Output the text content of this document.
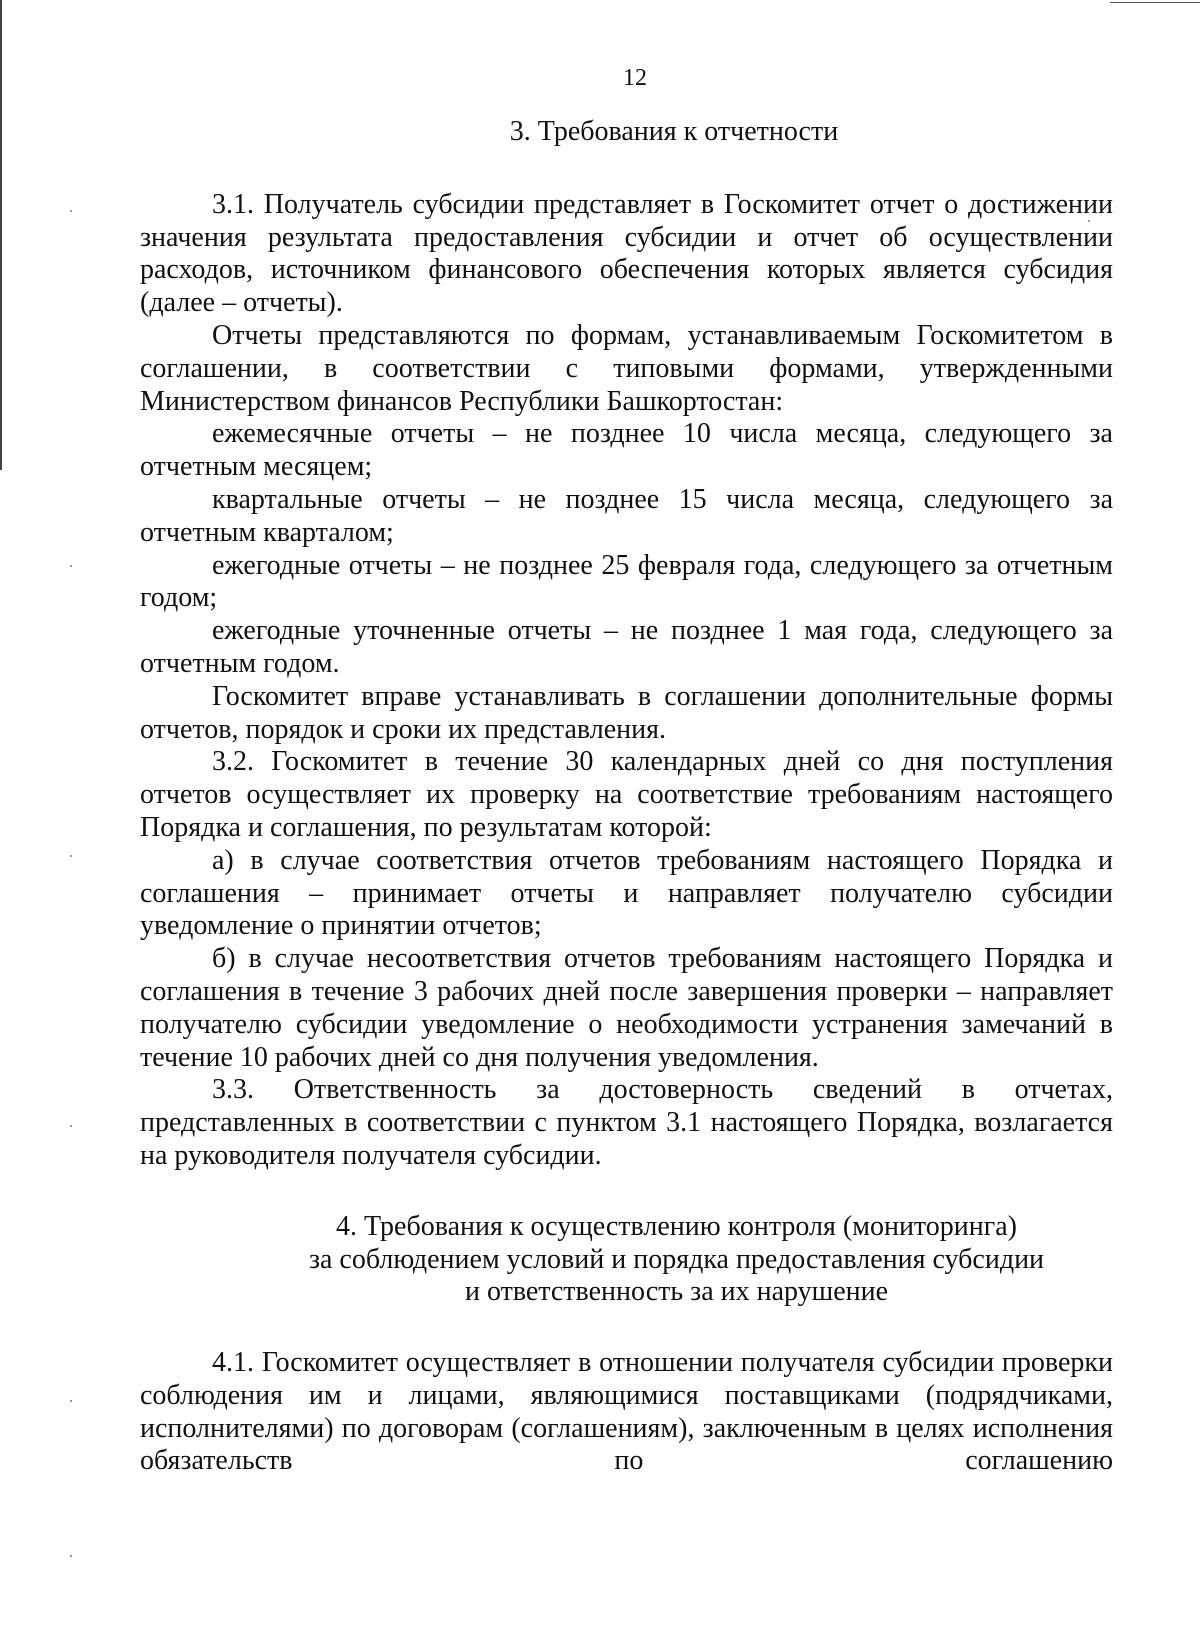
12
3. Требования к отчетности

3.1. Получатель субсидии представляет в Госкомитет отчет о достижении значения результата предоставления субсидии и отчет об осуществлении расходов, источником финансового обеспечения которых является субсидия (далее – отчеты).

Отчеты представляются по формам, устанавливаемым Госкомитетом в соглашении, в соответствии с типовыми формами, утвержденными Министерством финансов Республики Башкортостан:

ежемесячные отчеты – не позднее 10 числа месяца, следующего за отчетным месяцем;

квартальные отчеты – не позднее 15 числа месяца, следующего за отчетным кварталом;

ежегодные отчеты – не позднее 25 февраля года, следующего за отчетным годом;

ежегодные уточненные отчеты – не позднее 1 мая года, следующего за отчетным годом.

Госкомитет вправе устанавливать в соглашении дополнительные формы отчетов, порядок и сроки их представления.

3.2. Госкомитет в течение 30 календарных дней со дня поступления отчетов осуществляет их проверку на соответствие требованиям настоящего Порядка и соглашения, по результатам которой:

а) в случае соответствия отчетов требованиям настоящего Порядка и соглашения – принимает отчеты и направляет получателю субсидии уведомление о принятии отчетов;

б) в случае несоответствия отчетов требованиям настоящего Порядка и соглашения в течение 3 рабочих дней после завершения проверки – направляет получателю субсидии уведомление о необходимости устранения замечаний в течение 10 рабочих дней со дня получения уведомления.

3.3. Ответственность за достоверность сведений в отчетах, представленных в соответствии с пунктом 3.1 настоящего Порядка, возлагается на руководителя получателя субсидии.

4. Требования к осуществлению контроля (мониторинга)
за соблюдением условий и порядка предоставления субсидии
и ответственность за их нарушение

4.1. Госкомитет осуществляет в отношении получателя субсидии проверки соблюдения им и лицами, являющимися поставщиками (подрядчиками, исполнителями) по договорам (соглашениям), заключенным в целях исполнения обязательств по соглашению
